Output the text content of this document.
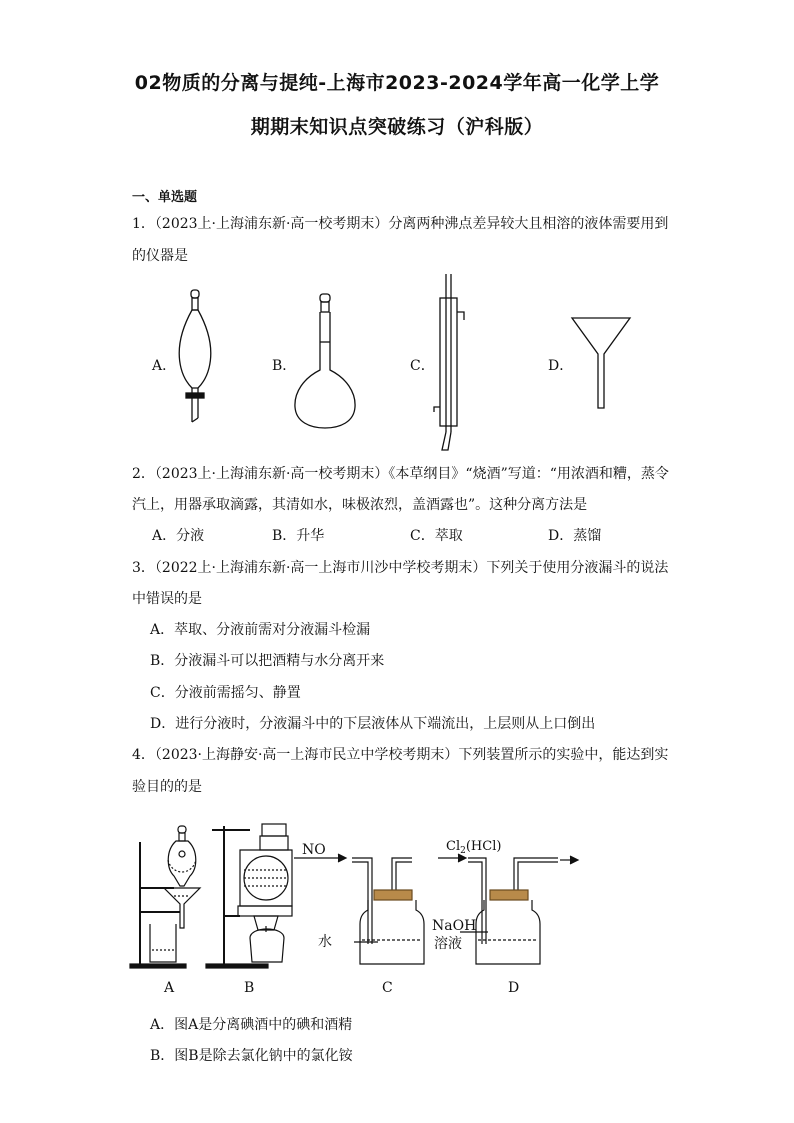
02物质的分离与提纯-上海市2023-2024学年高一化学上学
期期末知识点突破练习（沪科版）
一、单选题
1．（2023上·上海浦东新·高一校考期末）分离两种沸点差异较大且相溶的液体需要用到
的仪器是
A．	B．	C．	D．
2．（2023上·上海浦东新·高一校考期末）《本草纲目》“烧酒”写道：“用浓酒和糟，蒸令
汽上，用器承取滴露，其清如水，味极浓烈，盖酒露也”。这种分离方法是
A．分液	B．升华	C．萃取	D．蒸馏
3．（2022上·上海浦东新·高一上海市川沙中学校考期末）下列关于使用分液漏斗的说法
中错误的是
A．萃取、分液前需对分液漏斗检漏
B．分液漏斗可以把酒精与水分离开来
C．分液前需摇匀、静置
D．进行分液时，分液漏斗中的下层液体从下端流出，上层则从上口倒出
4．（2023·上海静安·高一上海市民立中学校考期末）下列装置所示的实验中，能达到实
验目的的是
NO	$Cl_2(HCl)$
水
NaOH
溶液
A	B	C	D
A．图A是分离碘酒中的碘和酒精
B．图B是除去氯化钠中的氯化铵
